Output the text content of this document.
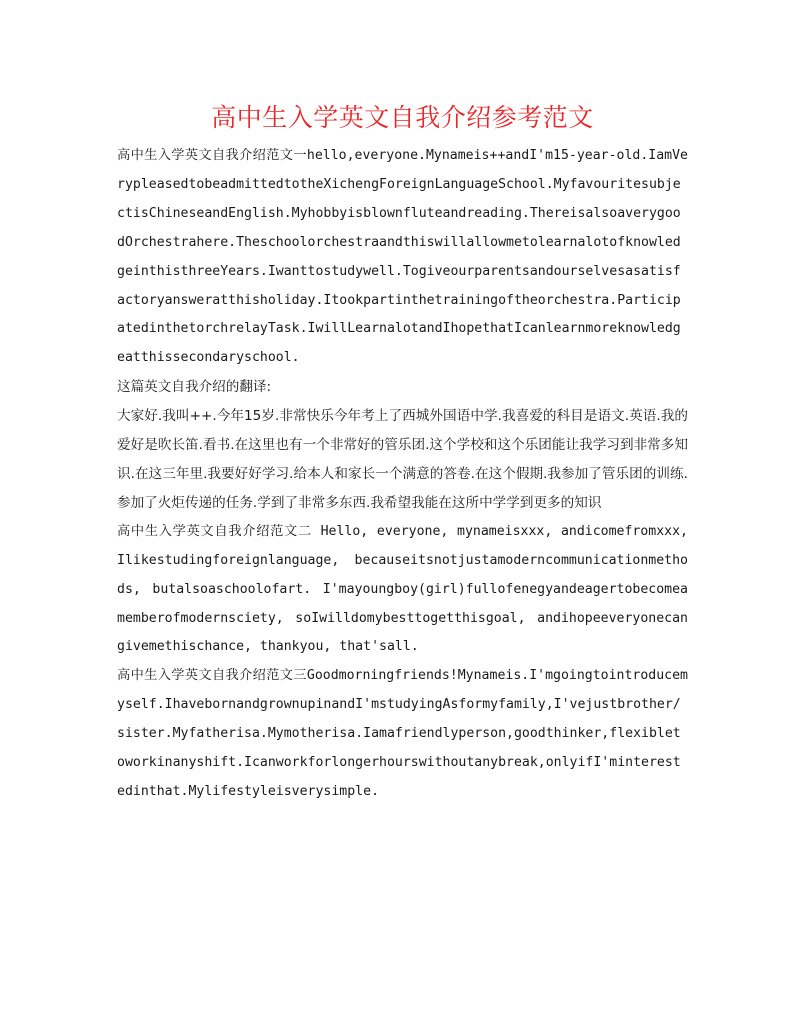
高中生入学英文自我介绍参考范文

高中生入学英文自我介绍范文一hello,everyone.Mynameis++andI'm15-year-old.IamVerypleasedtobeadmittedtotheXichengForeignLanguageSchool.MyfavouritesubjectisChineseandEnglish.Myhobbyisblownfluteandreading.ThereisalsoaverygoodOrchestrahere.TheschoolorchestraandthiswillallowmetolearnalotofknowledgeinthisthreeYears.Iwanttostudywell.Togiveourparentsandourselvesasatisfactoryansweratthisholiday.Itookpartinthetrainingoftheorchestra.ParticipatedinthetorchrelayTask.IwillLearnalotandIhopethatIcanlearnmoreknowledgeatthissecondaryschool.

这篇英文自我介绍的翻译:

大家好.我叫++.今年15岁.非常快乐今年考上了西城外国语中学.我喜爱的科目是语文.英语.我的爱好是吹长笛.看书.在这里也有一个非常好的管乐团.这个学校和这个乐团能让我学习到非常多知识.在这三年里.我要好好学习.给本人和家长一个满意的答卷.在这个假期.我参加了管乐团的训练.参加了火炬传递的任务.学到了非常多东西.我希望我能在这所中学学到更多的知识

高中生入学英文自我介绍范文二 Hello, everyone, mynameisxxx, andicomefromxxx, Ilikestudingforeignlanguage, becauseitsnotjustamoderncommunicationmethods, butalsoaschoolofart. I'mayoungboy(girl)fullofenegyandeagertobecomeamemberofmodernsciety, soIwilldomybesttogetthisgoal, andihopeeveryonecangivemethischance, thankyou, that'sall.

高中生入学英文自我介绍范文三Goodmorningfriends!Mynameis.I'mgoingtointroducemyself.IhavebornandgrownupinandI'mstudyingAsformyfamily,I'vejustbrother/sister.Myfatherisa.Mymotherisa.Iamafriendlyperson,goodthinker,flexibletoworkinanyshift.Icanworkforlongerhourswithoutanybreak,onlyifI'minterestedinthat.Mylifestyleisverysimple.
